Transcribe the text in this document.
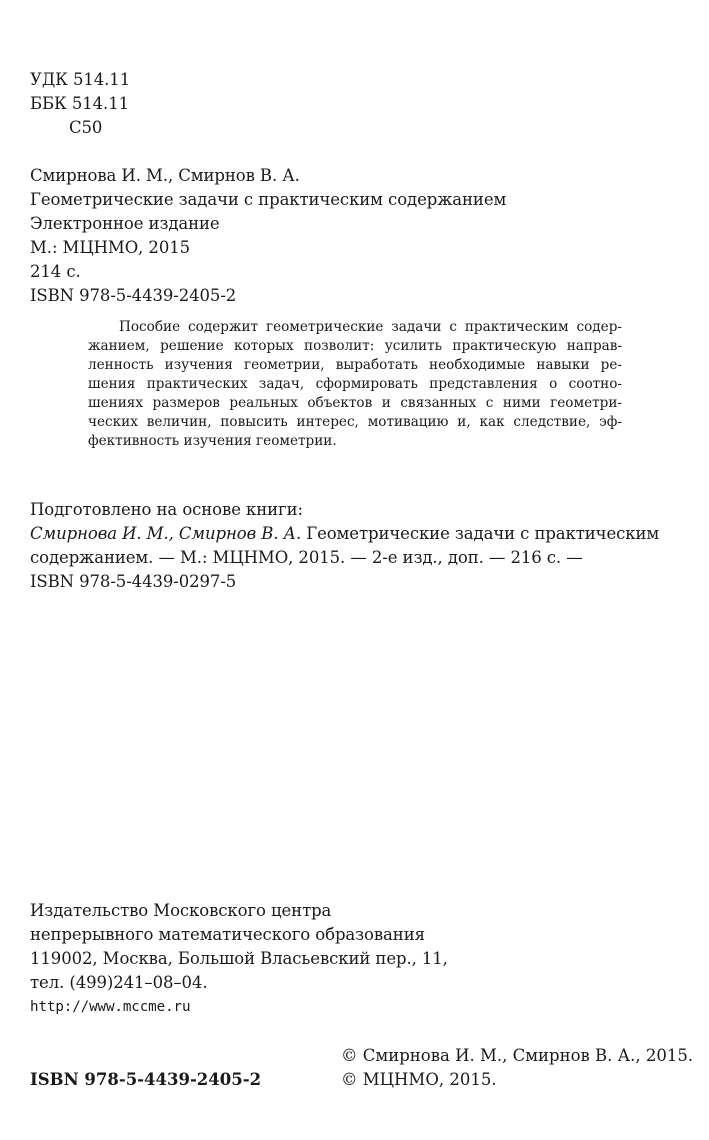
УДК 514.11
ББК 514.11
С50
Смирнова И. М., Смирнов В. А.
Геометрические задачи с практическим содержанием
Электронное издание
М.: МЦНМО, 2015
214 с.
ISBN 978-5-4439-2405-2
Пособие содержит геометрические задачи с практическим содержанием, решение которых позволит: усилить практическую направленность изучения геометрии, выработать необходимые навыки решения практических задач, сформировать представления о соотношениях размеров реальных объектов и связанных с ними геометрических величин, повысить интерес, мотивацию и, как следствие, эффективность изучения геометрии.
Подготовлено на основе книги:
Смирнова И. М., Смирнов В. А. Геометрические задачи с практическим
содержанием. — М.: МЦНМО, 2015. — 2-е изд., доп. — 216 с. —
ISBN 978-5-4439-0297-5
Издательство Московского центра
непрерывного математического образования
119002, Москва, Большой Власьевский пер., 11,
тел. (499)241–08–04.
http://www.mccme.ru
ISBN 978-5-4439-2405-2
© Смирнова И. М., Смирнов В. А., 2015.
© МЦНМО, 2015.
